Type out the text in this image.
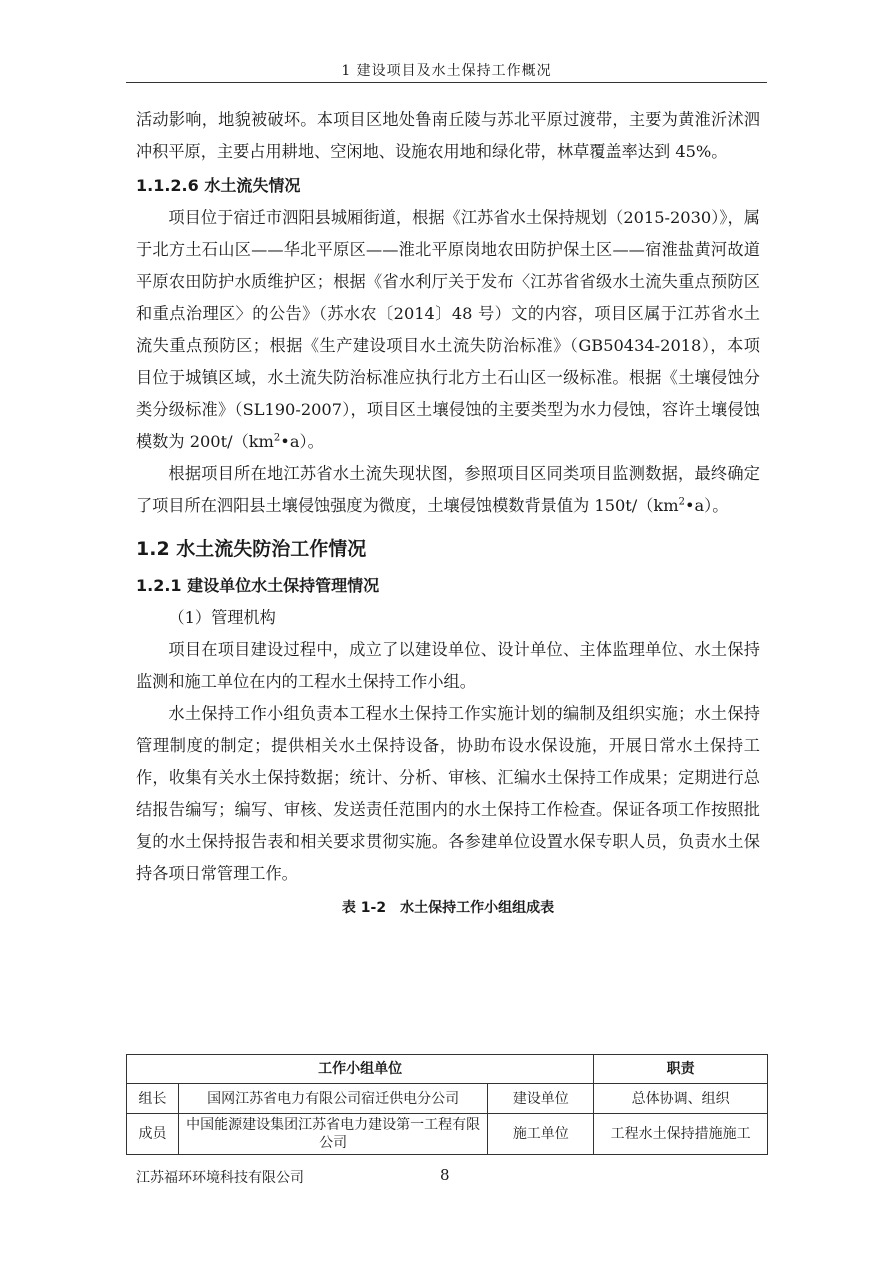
1 建设项目及水土保持工作概况

活动影响，地貌被破坏。本项目区地处鲁南丘陵与苏北平原过渡带，主要为黄淮沂沭泗冲积平原，主要占用耕地、空闲地、设施农用地和绿化带，林草覆盖率达到 45%。

1.1.2.6 水土流失情况

项目位于宿迁市泗阳县城厢街道，根据《江苏省水土保持规划（2015-2030）》，属于北方土石山区——华北平原区——淮北平原岗地农田防护保土区——宿淮盐黄河故道平原农田防护水质维护区；根据《省水利厅关于发布〈江苏省省级水土流失重点预防区和重点治理区〉的公告》（苏水农〔2014〕48 号）文的内容，项目区属于江苏省水土流失重点预防区；根据《生产建设项目水土流失防治标准》（GB50434-2018），本项目位于城镇区域，水土流失防治标准应执行北方土石山区一级标准。根据《土壤侵蚀分类分级标准》（SL190-2007），项目区土壤侵蚀的主要类型为水力侵蚀，容许土壤侵蚀模数为 $200t/(km^2•a)$。

根据项目所在地江苏省水土流失现状图，参照项目区同类项目监测数据，最终确定了项目所在泗阳县土壤侵蚀强度为微度，土壤侵蚀模数背景值为 $150t/(km^2•a)$。

1.2 水土流失防治工作情况
1.2.1 建设单位水土保持管理情况

（1）管理机构

项目在项目建设过程中，成立了以建设单位、设计单位、主体监理单位、水土保持监测和施工单位在内的工程水土保持工作小组。

水土保持工作小组负责本工程水土保持工作实施计划的编制及组织实施；水土保持管理制度的制定；提供相关水土保持设备，协助布设水保设施，开展日常水土保持工作，收集有关水土保持数据；统计、分析、审核、汇编水土保持工作成果；定期进行总结报告编写；编写、审核、发送责任范围内的水土保持工作检查。保证各项工作按照批复的水土保持报告表和相关要求贯彻实施。各参建单位设置水保专职人员，负责水土保持各项日常管理工作。

表 1-2　水土保持工作小组组成表
工作小组单位			职责
组长	国网江苏省电力有限公司宿迁供电分公司	建设单位	总体协调、组织
成员	中国能源建设集团江苏省电力建设第一工程有限公司	施工单位	工程水土保持措施施工
江苏福环环境科技有限公司	8
